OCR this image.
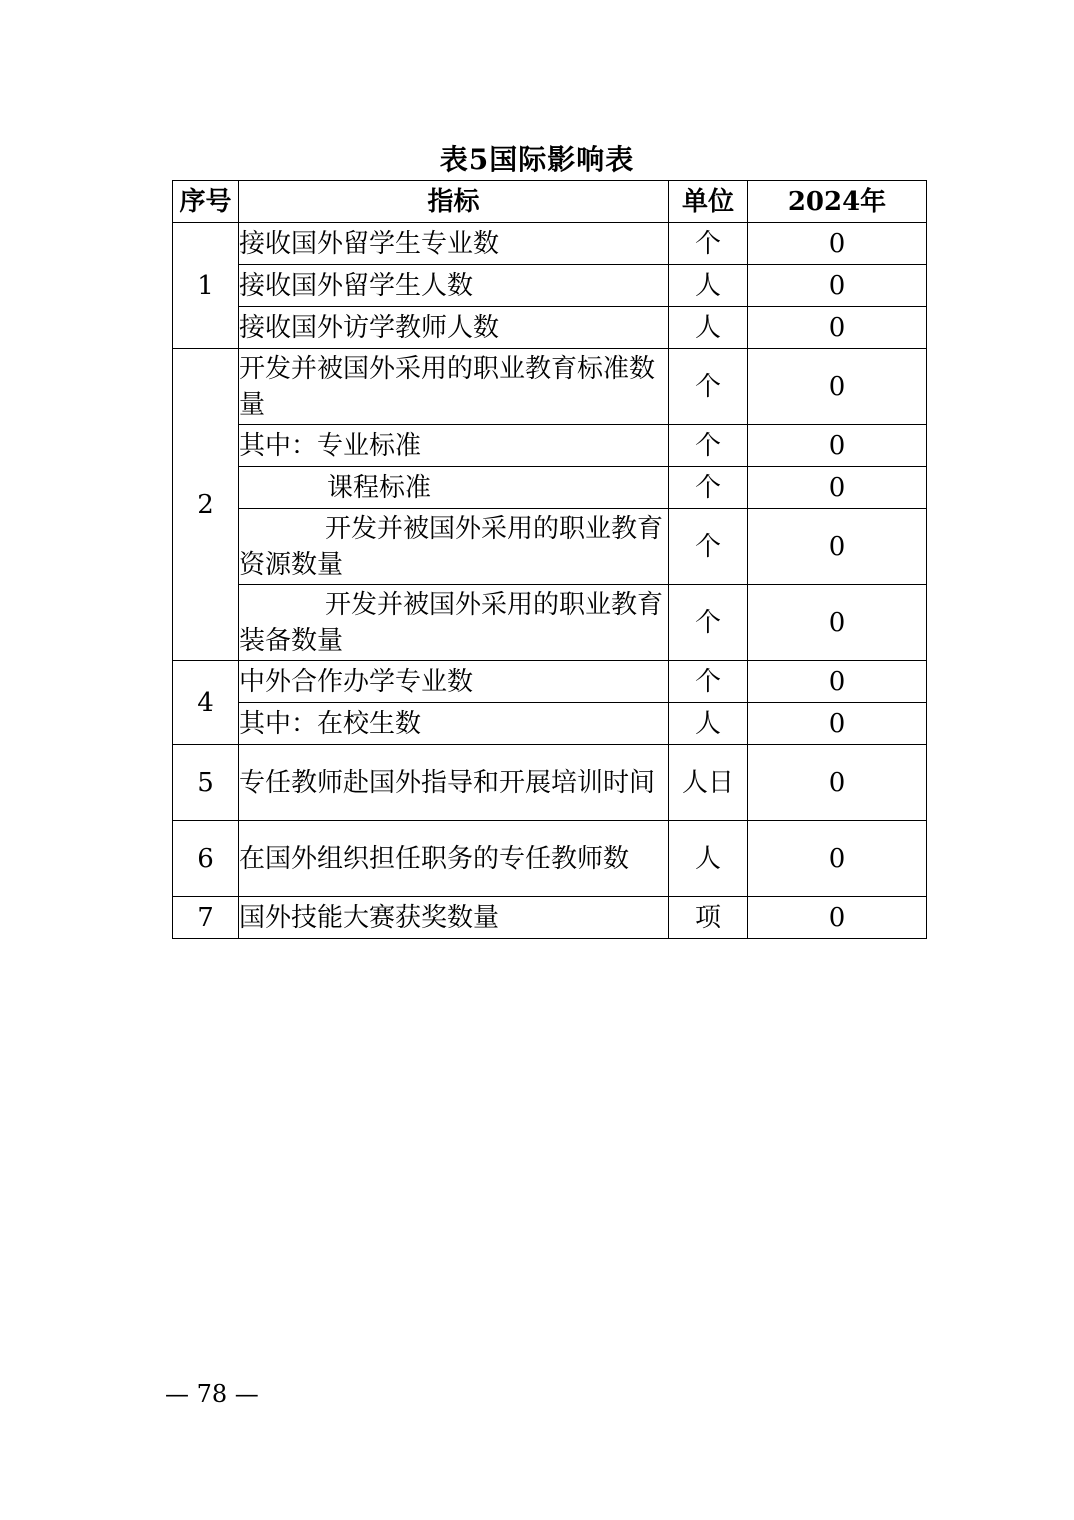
表5国际影响表
序号	指标	单位	2024年
1	接收国外留学生专业数	个	0
	接收国外留学生人数	人	0
	接收国外访学教师人数	人	0
2	开发并被国外采用的职业教育标准数量	个	0
	其中：专业标准	个	0
	课程标准	个	0
	开发并被国外采用的职业教育资源数量	个	0
	开发并被国外采用的职业教育装备数量	个	0
4	中外合作办学专业数	个	0
	其中：在校生数	人	0
5	专任教师赴国外指导和开展培训时间	人日	0
6	在国外组织担任职务的专任教师数	人	0
7	国外技能大赛获奖数量	项	0
— 78 —
